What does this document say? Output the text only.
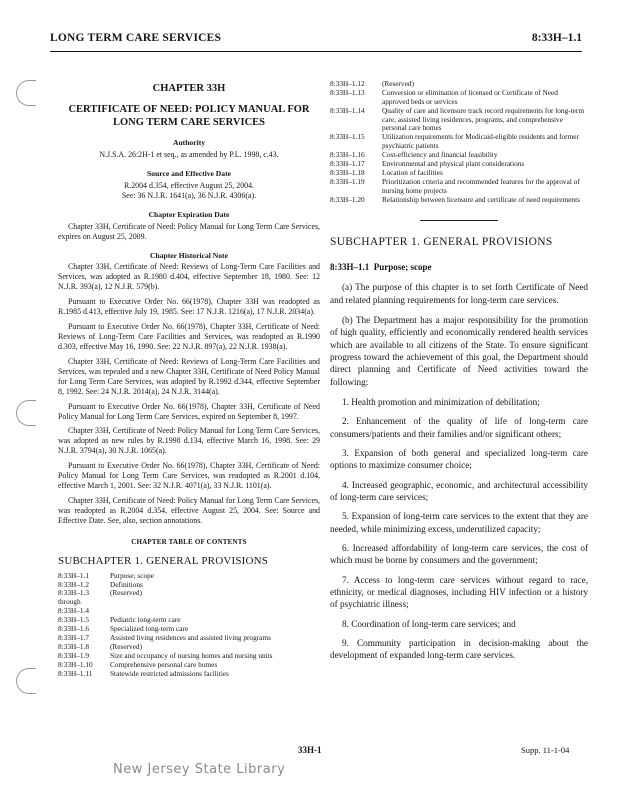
LONG TERM CARE SERVICES	8:33H–1.1
CHAPTER 33H
CERTIFICATE OF NEED: POLICY MANUAL FOR LONG TERM CARE SERVICES
Authority
N.J.S.A. 26:2H-1 et seq., as amended by P.L. 1998, c.43.
Source and Effective Date
R.2004 d.354, effective August 25, 2004.
See: 36 N.J.R. 1641(a), 36 N.J.R. 4306(a).
Chapter Expiration Date
Chapter 33H, Certificate of Need: Policy Manual for Long Term Care Services, expires on August 25, 2009.
Chapter Historical Note
Chapter 33H, Certificate of Need: Reviews of Long-Term Care Facilities and Services, was adopted as R.1980 d.404, effective September 18, 1980. See: 12 N.J.R. 393(a), 12 N.J.R. 579(b).
Pursuant to Executive Order No. 66(1978), Chapter 33H was readopted as R.1985 d.413, effective July 19, 1985. See: 17 N.J.R. 1216(a), 17 N.J.R. 2034(a).
Pursuant to Executive Order No. 66(1978), Chapter 33H, Certificate of Need: Reviews of Long-Term Care Facilities and Services, was readopted as R.1990 d.303, effective May 16, 1990. See: 22 N.J.R. 897(a), 22 N.J.R. 1938(a).
Chapter 33H, Certificate of Need: Reviews of Long-Term Care Facilities and Services, was repealed and a new Chapter 33H, Certificate of Need Policy Manual for Long Term Care Services, was adopted by R.1992 d.344, effective September 8, 1992. See: 24 N.J.R. 2014(a), 24 N.J.R. 3144(a).
Pursuant to Executive Order No. 66(1978), Chapter 33H, Certificate of Need Policy Manual for Long Term Care Services, expired on September 8, 1997.
Chapter 33H, Certificate of Need: Policy Manual for Long Term Care Services, was adopted as new rules by R.1998 d.134, effective March 16, 1998. See: 29 N.J.R. 3794(a), 30 N.J.R. 1065(a).
Pursuant to Executive Order No. 66(1978), Chapter 33H, Certificate of Need: Policy Manual for Long Term Care Services, was readopted as R.2001 d.104, effective March 1, 2001. See: 32 N.J.R. 4071(a), 33 N.J.R. 1101(a).
Chapter 33H, Certificate of Need: Policy Manual for Long Term Care Services, was readopted as R.2004 d.354, effective August 25, 2004. See: Source and Effective Date. See, also, section annotations.
CHAPTER TABLE OF CONTENTS
SUBCHAPTER 1. GENERAL PROVISIONS
8:33H–1.1	Purpose; scope
8:33H–1.2	Definitions
8:33H–1.3	(Reserved)
through
8:33H–1.4
8:33H–1.5	Pediatric long-term care
8:33H–1.6	Specialized long-term care
8:33H–1.7	Assisted living residences and assisted living programs
8:33H–1.8	(Reserved)
8:33H–1.9	Size and occupancy of nursing homes and nursing units
8:33H–1.10	Comprehensive personal care homes
8:33H–1.11	Statewide restricted admissions facilities
8:33H–1.12	(Reserved)
8:33H–1.13	Conversion or elimination of licensed or Certificate of Need approved beds or services
8:33H–1.14	Quality of care and licensure track record requirements for long-term care, assisted living residences, programs, and comprehensive personal care homes
8:33H–1.15	Utilization requirements for Medicaid-eligible residents and former psychiatric patients
8:33H–1.16	Cost-efficiency and financial feasibility
8:33H–1.17	Environmental and physical plant considerations
8:33H–1.18	Location of facilities
8:33H–1.19	Prioritization criteria and recommended features for the approval of nursing home projects
8:33H–1.20	Relationship between licensure and certificate of need requirements
SUBCHAPTER 1. GENERAL PROVISIONS
8:33H–1.1 Purpose; scope
(a) The purpose of this chapter is to set forth Certificate of Need and related planning requirements for long-term care services.
(b) The Department has a major responsibility for the promotion of high quality, efficiently and economically rendered health services which are available to all citizens of the State. To ensure significant progress toward the achievement of this goal, the Department should direct planning and Certificate of Need activities toward the following:
1. Health promotion and minimization of debilitation;
2. Enhancement of the quality of life of long-term care consumers/patients and their families and/or significant others;
3. Expansion of both general and specialized long-term care options to maximize consumer choice;
4. Increased geographic, economic, and architectural accessibility of long-term care services;
5. Expansion of long-term care services to the extent that they are needed, while minimizing excess, underutilized capacity;
6. Increased affordability of long-term care services, the cost of which must be borne by consumers and the government;
7. Access to long-term care services without regard to race, ethnicity, or medical diagnoses, including HIV infection or a history of psychiatric illness;
8. Coordination of long-term care services; and
9. Community participation in decision-making about the development of expanded long-term care services.
33H-1	Supp. 11-1-04
New Jersey State Library
